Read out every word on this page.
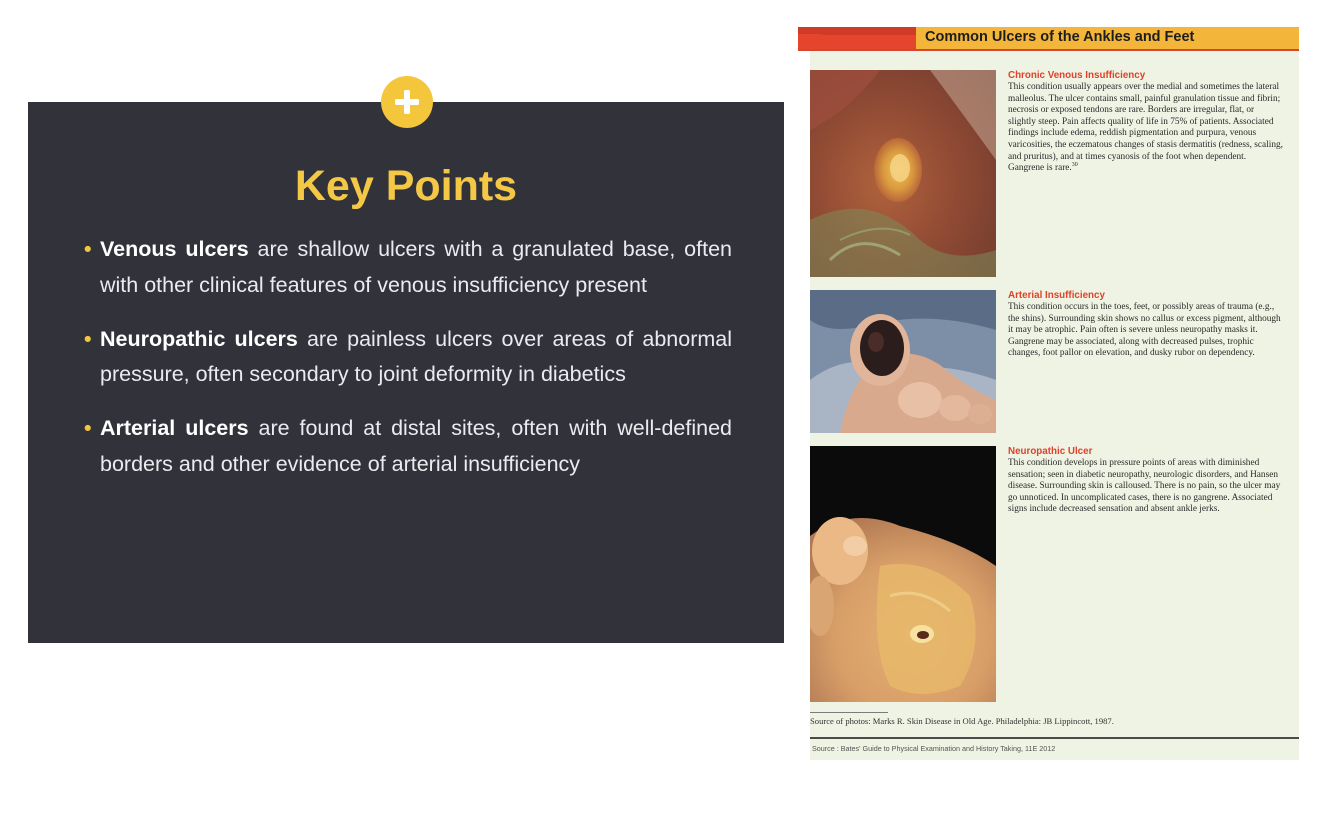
Key Points
• Venous ulcers are shallow ulcers with a granulated base, often with other clinical features of venous insufficiency present
• Neuropathic ulcers are painless ulcers over areas of abnormal pressure, often secondary to joint deformity in diabetics
• Arterial ulcers are found at distal sites, often with well-defined borders and other evidence of arterial insufficiency
Common Ulcers of the Ankles and Feet
Chronic Venous Insufficiency
This condition usually appears over the medial and sometimes the lateral malleolus. The ulcer contains small, painful granulation tissue and fibrin; necrosis or exposed tendons are rare. Borders are irregular, flat, or slightly steep. Pain affects quality of life in 75% of patients. Associated findings include edema, reddish pigmentation and purpura, venous varicosities, the eczematous changes of stasis dermatitis (redness, scaling, and pruritus), and at times cyanosis of the foot when dependent. Gangrene is rare.$^{30}$
Arterial Insufficiency
This condition occurs in the toes, feet, or possibly areas of trauma (e.g., the shins). Surrounding skin shows no callus or excess pigment, although it may be atrophic. Pain often is severe unless neuropathy masks it. Gangrene may be associated, along with decreased pulses, trophic changes, foot pallor on elevation, and dusky rubor on dependency.
Neuropathic Ulcer
This condition develops in pressure points of areas with diminished sensation; seen in diabetic neuropathy, neurologic disorders, and Hansen disease. Surrounding skin is calloused. There is no pain, so the ulcer may go unnoticed. In uncomplicated cases, there is no gangrene. Associated signs include decreased sensation and absent ankle jerks.
Source of photos: Marks R. Skin Disease in Old Age. Philadelphia: JB Lippincott, 1987.
Source : Bates' Guide to Physical Examination and History Taking, 11E 2012
